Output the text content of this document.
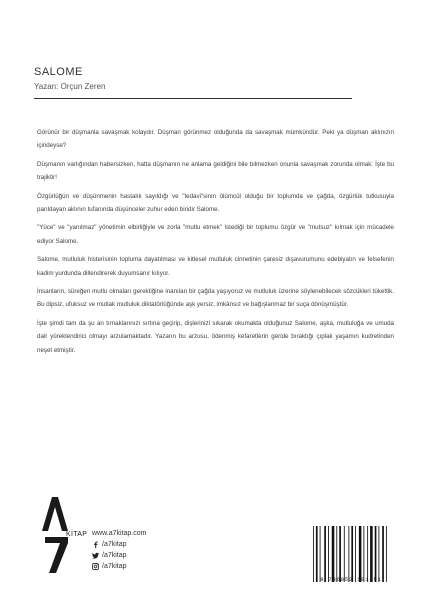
SALOME
Yazan: Orçun Zeren

Görünür bir düşmanla savaşmak kolaydır. Düşman görünmez olduğunda da savaşmak mümkündür. Peki ya düşman aklınızın içindeyse?

Düşmanın varlığından habersizken, hatta düşmanın ne anlama geldiğini bile bilmezken onunla savaşmak zorunda olmak: İşte bu trajiktir!

Özgürlüğün ve düşünmenin hastalık sayıldığı ve "tedavi"sinin ölümcül olduğu bir toplumda ve çağda, özgürlük tutkusuyla parıldayan aklının tufanında düşünceler zuhur eden biridir Salome.

"Yüce" ve "yanılmaz" yönetimin elbirliğiyle ve zorla "mutlu etmek" istediği bir toplumu özgür ve "mutsuz" kılmak için mücadele ediyor Salome.

Salome, mutluluk histerisinin topluma dayatılması ve kitlesel mutluluk cinnetinin çaresiz dışavurumunu edebiyatın ve felsefenin kadim yurdunda dillendirerek duyumsanır kılıyor.

İnsanların, süreğen mutlu olmaları gerektiğine inanılan bir çağda yaşıyoruz ve mutluluk üzerine söylenebilecek sözcükleri tükettik. Bu dipsiz, ufuksuz ve mutlak mutluluk diktatörlüğünde aşk yersiz, imkânsız ve bağışlanmaz bir suça dönüşmüştür.

İşte şimdi tam da şu an tırnaklarınızı sırtına geçirip, dişlerinizi sıkarak okumakta olduğunuz Salome, aşka, mutluluğa ve umuda dair yüreklendirici olmayı arzulamaktadır. Yazarın bu arzusu, ödenmiş kefaretlerin geride bıraktığı çıplak yaşamın kudretinden neşet etmiştir.

KİTAP www.a7kitap.com
/a7kitap
/a7kitap
/a7kitap
9 786052 191651
